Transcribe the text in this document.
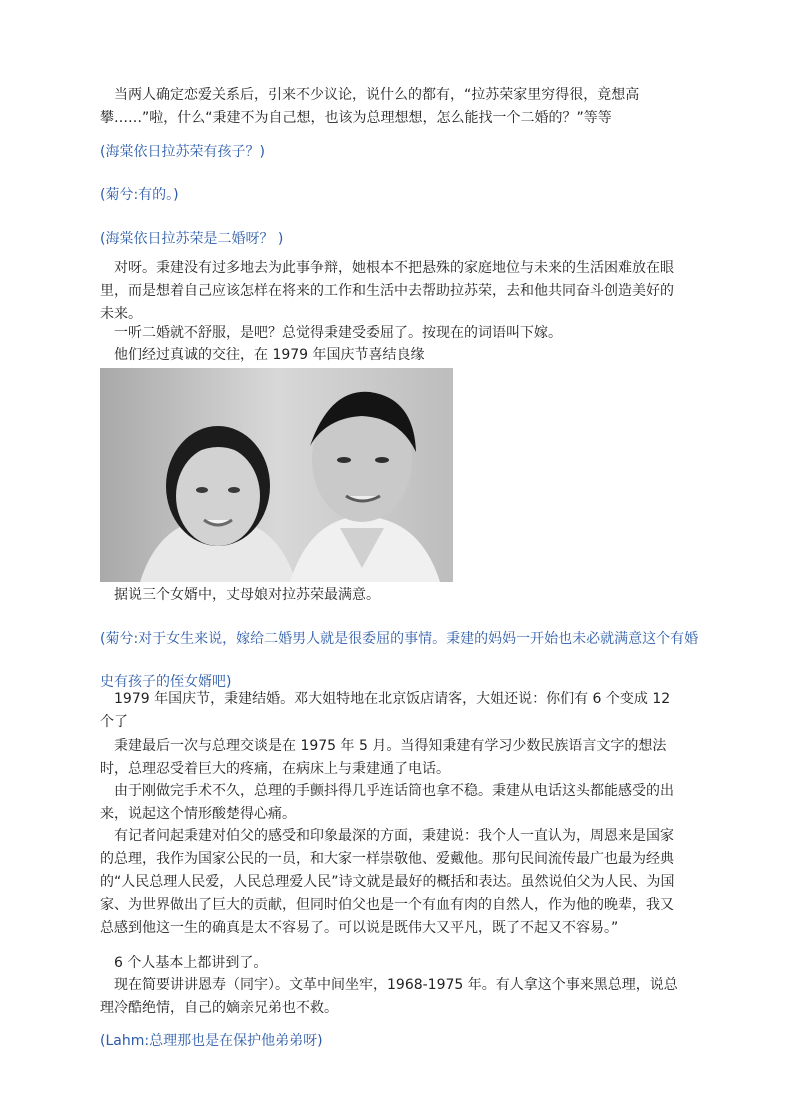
当两人确定恋爱关系后，引来不少议论，说什么的都有，“拉苏荣家里穷得很，竟想高攀……”啦，什么“秉建不为自己想，也该为总理想想，怎么能找一个二婚的？”等等

(海棠依日拉苏荣有孩子？)

(菊兮:有的。)

(海棠依日拉苏荣是二婚呀？ )

对呀。秉建没有过多地去为此事争辩，她根本不把悬殊的家庭地位与未来的生活困难放在眼里，而是想着自己应该怎样在将来的工作和生活中去帮助拉苏荣，去和他共同奋斗创造美好的未来。

一听二婚就不舒服，是吧？总觉得秉建受委屈了。按现在的词语叫下嫁。

他们经过真诚的交往，在 1979 年国庆节喜结良缘

据说三个女婿中，丈母娘对拉苏荣最满意。

(菊兮:对于女生来说，嫁给二婚男人就是很委屈的事情。秉建的妈妈一开始也未必就满意这个有婚史有孩子的侄女婿吧)

1979 年国庆节，秉建结婚。邓大姐特地在北京饭店请客，大姐还说：你们有 6 个变成 12 个了

秉建最后一次与总理交谈是在 1975 年 5 月。当得知秉建有学习少数民族语言文字的想法时，总理忍受着巨大的疼痛，在病床上与秉建通了电话。

由于刚做完手术不久，总理的手颤抖得几乎连话筒也拿不稳。秉建从电话这头都能感受的出来，说起这个情形酸楚得心痛。

有记者问起秉建对伯父的感受和印象最深的方面，秉建说：我个人一直认为，周恩来是国家的总理，我作为国家公民的一员，和大家一样崇敬他、爱戴他。那句民间流传最广也最为经典的“人民总理人民爱，人民总理爱人民”诗文就是最好的概括和表达。虽然说伯父为人民、为国家、为世界做出了巨大的贡献，但同时伯父也是一个有血有肉的自然人，作为他的晚辈，我又总感到他这一生的确真是太不容易了。可以说是既伟大又平凡，既了不起又不容易。”

6 个人基本上都讲到了。

现在简要讲讲恩寿（同宇）。文革中间坐牢，1968-1975 年。有人拿这个事来黑总理，说总理冷酷绝情，自己的嫡亲兄弟也不救。

(Lahm:总理那也是在保护他弟弟呀)
